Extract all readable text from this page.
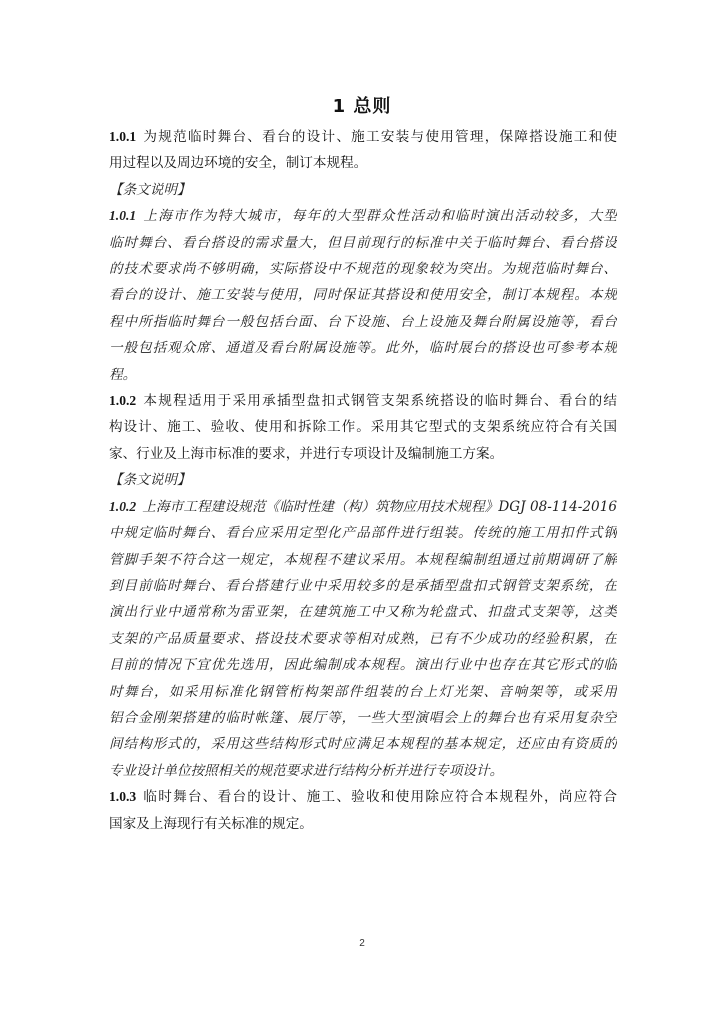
1 总则
1.0.1 为规范临时舞台、看台的设计、施工安装与使用管理，保障搭设施工和使
用过程以及周边环境的安全，制订本规程。
【条文说明】
1.0.1 上海市作为特大城市，每年的大型群众性活动和临时演出活动较多，大型
临时舞台、看台搭设的需求量大，但目前现行的标准中关于临时舞台、看台搭设
的技术要求尚不够明确，实际搭设中不规范的现象较为突出。为规范临时舞台、
看台的设计、施工安装与使用，同时保证其搭设和使用安全，制订本规程。本规
程中所指临时舞台一般包括台面、台下设施、台上设施及舞台附属设施等，看台
一般包括观众席、通道及看台附属设施等。此外，临时展台的搭设也可参考本规
程。
1.0.2 本规程适用于采用承插型盘扣式钢管支架系统搭设的临时舞台、看台的结
构设计、施工、验收、使用和拆除工作。采用其它型式的支架系统应符合有关国
家、行业及上海市标准的要求，并进行专项设计及编制施工方案。
【条文说明】
1.0.2 上海市工程建设规范《临时性建（构）筑物应用技术规程》DGJ 08-114-2016
中规定临时舞台、看台应采用定型化产品部件进行组装。传统的施工用扣件式钢
管脚手架不符合这一规定，本规程不建议采用。本规程编制组通过前期调研了解
到目前临时舞台、看台搭建行业中采用较多的是承插型盘扣式钢管支架系统，在
演出行业中通常称为雷亚架，在建筑施工中又称为轮盘式、扣盘式支架等，这类
支架的产品质量要求、搭设技术要求等相对成熟，已有不少成功的经验积累，在
目前的情况下宜优先选用，因此编制成本规程。演出行业中也存在其它形式的临
时舞台，如采用标准化钢管桁构架部件组装的台上灯光架、音响架等，或采用
铝合金刚架搭建的临时帐篷、展厅等，一些大型演唱会上的舞台也有采用复杂空
间结构形式的，采用这些结构形式时应满足本规程的基本规定，还应由有资质的
专业设计单位按照相关的规范要求进行结构分析并进行专项设计。
1.0.3 临时舞台、看台的设计、施工、验收和使用除应符合本规程外，尚应符合
国家及上海现行有关标准的规定。
2
